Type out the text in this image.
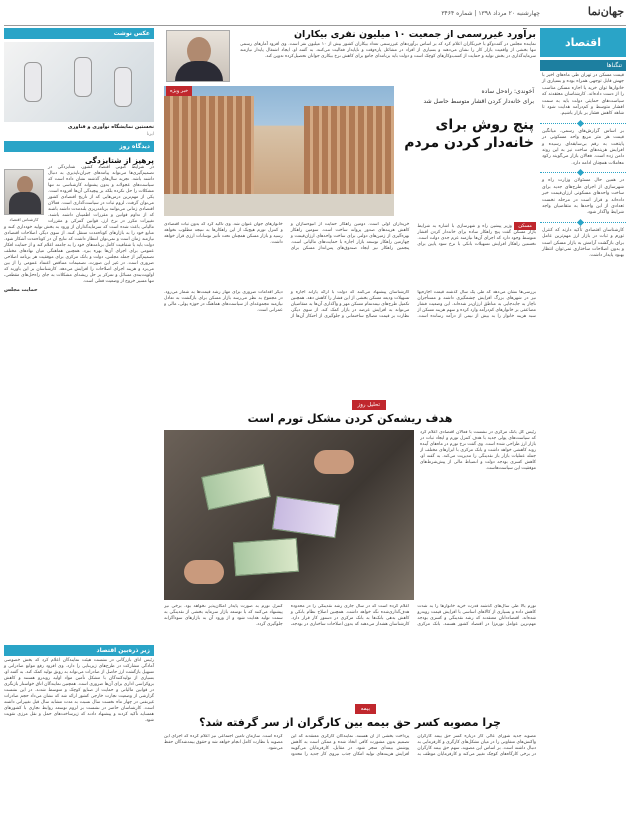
جهان‌نما
چهارشنبه ۲۰ مرداد ۱۳۹۸ | شماره ۳۴۶۴
اقتصاد
تنگناها
قیمت مسکن در تهران طی ماه‌های اخیر با جهش قابل توجهی همراه بوده و بسیاری از خانوارها توان خرید یا اجاره مسکن مناسب را از دست داده‌اند. کارشناسان معتقدند که سیاست‌های حمایتی دولت باید به سمت اقشار متوسط و کم‌درآمد هدایت شود تا شاهد کاهش فشار بر بازار باشیم.
بر اساس گزارش‌های رسمی، میانگین قیمت هر متر مربع واحد مسکونی در پایتخت به رقم بی‌سابقه‌ای رسیده و افزایش هزینه‌های ساخت نیز به این روند دامن زده است. فعالان بازار می‌گویند رکود معاملات همچنان ادامه دارد.
در همین حال مسئولان وزارت راه و شهرسازی از اجرای طرح‌های جدید برای ساخت واحدهای مسکونی ارزان‌قیمت خبر داده‌اند و قرار است در مرحله نخست تعدادی از این واحدها به متقاضیان واجد شرایط واگذار شود.
کارشناسان اقتصادی تأکید دارند که کنترل تورم و ثبات در بازار ارز مهم‌ترین عامل برای بازگشت آرامش به بازار مسکن است و بدون اصلاحات ساختاری نمی‌توان انتظار بهبود پایدار داشت.
برآورد غیررسمی از جمعیت ۱۰ میلیون نفری بیکاران
نماینده مجلس در گفت‌وگو با خبرنگاران اعلام کرد که بر اساس برآوردهای غیررسمی تعداد بیکاران کشور بیش از ۱۰ میلیون نفر است. وی افزود آمارهای رسمی تنها بخشی از واقعیت بازار کار را نشان می‌دهند و بسیاری از افراد در مشاغل پاره‌وقت و ناپایدار فعالیت می‌کنند. به گفته او، ایجاد اشتغال پایدار نیازمند سرمایه‌گذاری در بخش تولید و حمایت از کسب‌وکارهای کوچک است و دولت باید برنامه‌ای جامع برای کاهش نرخ بیکاری جوانان تحصیل‌کرده تدوین کند.
خبر ویژه	آخوندی: راه‌حل ساده
برای خانه‌دار کردن اقشار متوسط حاصل شد
پنج روش برای خانه‌دار کردن مردم
مسکن وزیر پیشین راه و شهرسازی با اشاره به شرایط بازار مسکن گفت پنج راهکار ساده برای خانه‌دار کردن اقشار متوسط وجود دارد که اجرای آن‌ها نیازمند عزم جدی دولت است. نخستین راهکار افزایش تسهیلات بانکی با نرخ سود پایین برای خریداران اولی است. دومین راهکار حمایت از انبوه‌سازان و کاهش هزینه‌های صدور پروانه ساخت است. سومین راهکار بهره‌گیری از زمین‌های دولتی برای ساخت واحدهای ارزان‌قیمت و چهارمین راهکار توسعه بازار اجاره با حمایت‌های مالیاتی است. پنجمین راهکار نیز ایجاد صندوق‌های پس‌انداز مسکن برای خانوارهای جوان عنوان شد. وی تأکید کرد که بدون ثبات اقتصادی و کنترل تورم هیچ‌یک از این راهکارها به نتیجه مطلوب نخواهد رسید و بازار مسکن همچنان تحت تأثیر نوسانات ارزی قرار خواهد داشت.
بررسی‌ها نشان می‌دهد که طی یک سال گذشته قیمت اجاره‌بها نیز در شهرهای بزرگ افزایش چشمگیری داشته و مستأجران ناچار به جابه‌جایی به مناطق ارزان‌تر شده‌اند. این وضعیت فشار مضاعفی بر خانوارهای کم‌درآمد وارد کرده و سهم هزینه مسکن از سبد هزینه خانوار را به بیش از نیمی از درآمد رسانده است. کارشناسان پیشنهاد می‌کنند که دولت با ارائه یارانه اجاره و تسهیلات ودیعه مسکن بخشی از این فشار را کاهش دهد. همچنین تکمیل طرح‌های نیمه‌تمام مسکن مهر و واگذاری آن‌ها به متقاضیان می‌تواند به افزایش عرضه در بازار کمک کند. از سوی دیگر، نظارت بر قیمت مصالح ساختمانی و جلوگیری از احتکار آن‌ها از دیگر اقدامات ضروری برای مهار رشد قیمت‌ها به شمار می‌رود. در مجموع به نظر می‌رسد بازار مسکن برای بازگشت به تعادل نیازمند مجموعه‌ای از سیاست‌های هماهنگ در حوزه پولی، مالی و عمرانی است.
تحلیل روز
هدف ریشه‌کن کردن مشکل تورم است
رئیس کل بانک مرکزی در نشست با فعالان اقتصادی اعلام کرد که سیاست‌های پولی جدید با هدف کنترل تورم و ایجاد ثبات در بازار ارز طراحی شده است. وی گفت نرخ تورم در ماه‌های آینده روند کاهشی خواهد داشت و بانک مرکزی با ابزارهای مختلف از جمله عملیات بازار باز نقدینگی را مدیریت می‌کند. به گفته او، کاهش کسری بودجه دولت و انضباط مالی از پیش‌شرط‌های موفقیت این سیاست‌هاست.
تورم بالا طی سال‌های گذشته قدرت خرید خانوارها را به شدت کاهش داده و بسیاری از کالاهای اساسی با افزایش قیمت روبه‌رو شده‌اند. اقتصاددانان معتقدند که رشد نقدینگی و کسری بودجه مهم‌ترین عوامل تورم‌زا در اقتصاد کشور هستند. بانک مرکزی اعلام کرده است که در سال جاری رشد نقدینگی را در محدوده هدف‌گذاری‌شده نگه خواهد داشت. همچنین اصلاح نظام بانکی و کاهش بدهی بانک‌ها به بانک مرکزی در دستور کار قرار دارد. کارشناسان هشدار می‌دهند که بدون اصلاحات ساختاری در بودجه، کنترل تورم به صورت پایدار امکان‌پذیر نخواهد بود. برخی نیز پیشنهاد می‌کنند که با توسعه بازار سرمایه بخشی از نقدینگی به سمت تولید هدایت شود و از ورود آن به بازارهای سوداگرانه جلوگیری گردد.
بیمه
چرا مصوبه کسر حق بیمه بین کارگران از سر گرفته شد؟
مصوبه جدید شورای عالی کار درباره کسر حق بیمه کارگران واکنش‌های متفاوتی را در میان تشکل‌های کارگری و کارفرمایی به دنبال داشته است. بر اساس این مصوبه، سهم حق بیمه کارگران در برخی کارگاه‌های کوچک تغییر می‌کند و کارفرمایان موظف به پرداخت بخشی از آن هستند. نمایندگان کارگری معتقدند که این تصمیم بدون مشورت کافی اتخاذ شده و ممکن است به کاهش پوشش بیمه‌ای منجر شود. در مقابل، کارفرمایان می‌گویند افزایش هزینه‌های تولید امکان جذب نیروی کار جدید را محدود کرده است. سازمان تأمین اجتماعی نیز اعلام کرده که اجرای این مصوبه با نظارت کامل انجام خواهد شد و حقوق بیمه‌شدگان حفظ می‌شود.
عکس نوشت
نخستین نمایشگاه نوآوری و فناوری
ایرنا
دیدگاه روز
پرهیز از شتابزدگی
کارشناس اقتصاد
در شرایط کنونی اقتصاد کشور، شتابزدگی در تصمیم‌گیری‌ها می‌تواند پیامدهای جبران‌ناپذیری به دنبال داشته باشد. تجربه سال‌های گذشته نشان داده است که سیاست‌های عجولانه و بدون پشتوانه کارشناسی نه تنها مشکلات را حل نکرده بلکه بر پیچیدگی آن‌ها افزوده است. یکی از مهم‌ترین درس‌هایی که از تاریخ اقتصادی کشور می‌توان گرفت، لزوم ثبات در سیاست‌گذاری است. فعالان اقتصادی زمانی می‌توانند برنامه‌ریزی بلندمدت داشته باشند که از تداوم قوانین و مقررات اطمینان داشته باشند. تغییرات مکرر در نرخ ارز، قوانین گمرکی و مقررات مالیاتی باعث شده است که سرمایه‌گذاران از ورود به بخش تولید خودداری کنند و منابع خود را به بازارهای کوتاه‌مدت منتقل کنند. از سوی دیگر، اصلاحات اقتصادی نیازمند زمان است و نمی‌توان انتظار داشت که نتایج آن در کوتاه‌مدت آشکار شود. دولت باید با شفافیت کامل برنامه‌های خود را به جامعه اعلام کند و از حمایت افکار عمومی برای اجرای آن‌ها بهره ببرد. همچنین هماهنگی میان نهادهای مختلف تصمیم‌گیر از جمله مجلس، دولت و بانک مرکزی برای موفقیت هر برنامه اصلاحی ضروری است. در غیر این صورت، تصمیمات متناقض اعتماد عمومی را از بین می‌برد و هزینه اجرای اصلاحات را افزایش می‌دهد. کارشناسان بر این باورند که اولویت‌بندی مسائل و تمرکز بر حل ریشه‌ای مشکلات به جای راه‌حل‌های مقطعی، تنها مسیر خروج از وضعیت فعلی است.
حمایت مجلس
زیر ذره‌بین اقتصاد
رئیس اتاق بازرگانی در نشست هیئت نمایندگان اعلام کرد که بخش خصوصی آمادگی مشارکت در طرح‌های زیربنایی را دارد. وی افزود رفع موانع صادراتی و تسهیل بازگشت ارز حاصل از صادرات می‌تواند به رونق تولید کمک کند. به گفته او، بسیاری از تولیدکنندگان با مشکل تأمین مواد اولیه روبه‌رو هستند و کاهش بروکراسی اداری برای آن‌ها ضروری است. همچنین نمایندگان اتاق خواستار بازنگری در قوانین مالیاتی و حمایت از صنایع کوچک و متوسط شدند. در این نشست گزارشی از وضعیت تجارت خارجی کشور ارائه شد که نشان می‌داد حجم صادرات غیرنفتی در چهار ماه نخست سال نسبت به مدت مشابه سال قبل تغییراتی داشته است. کارشناسان حاضر در نشست بر لزوم توسعه روابط تجاری با کشورهای همسایه تأکید کردند و پیشنهاد دادند که زیرساخت‌های حمل و نقل مرزی تقویت شود.
